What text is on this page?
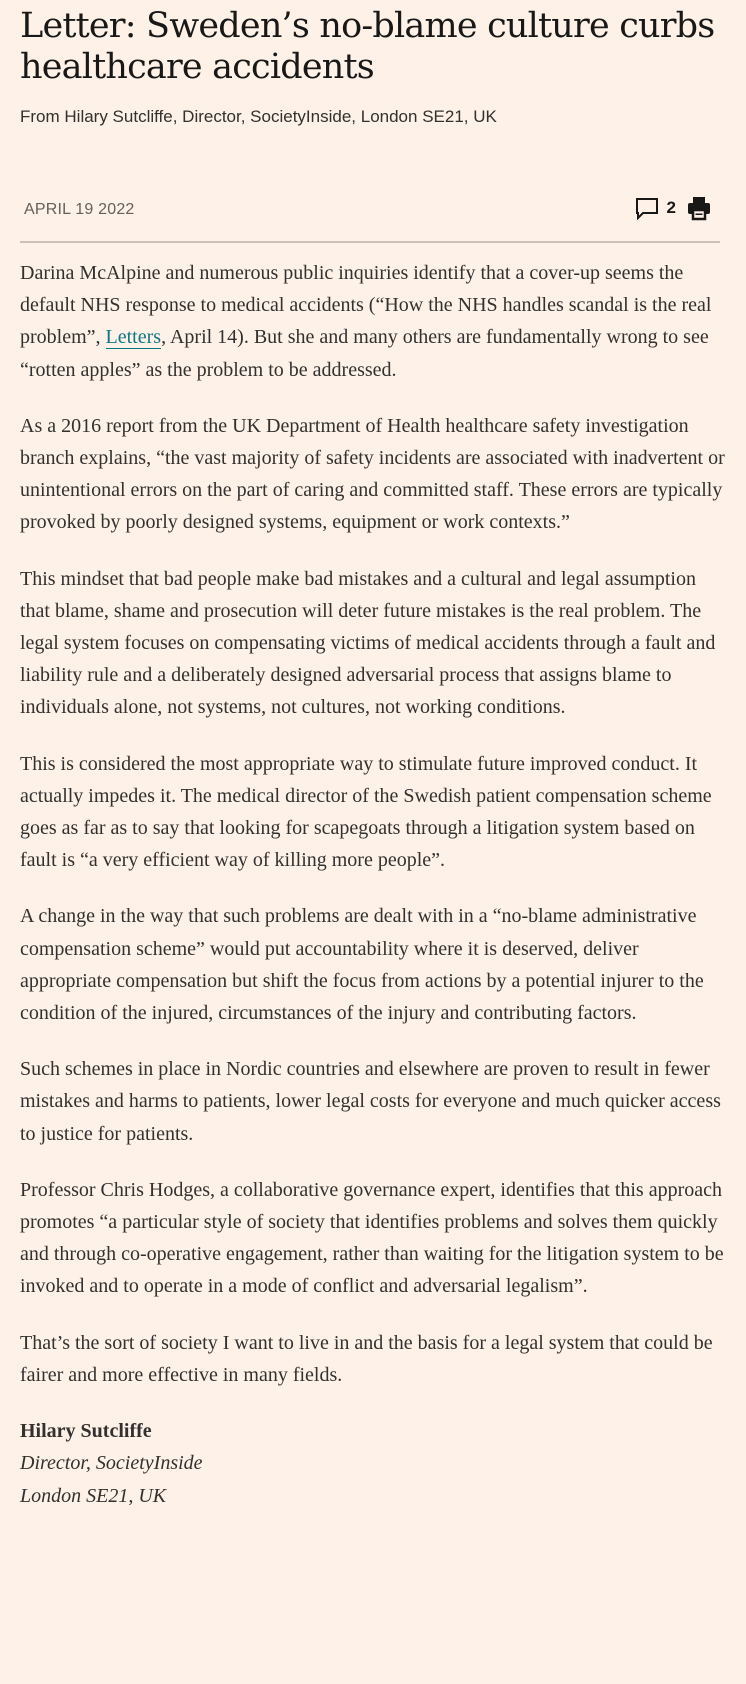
Letter: Sweden’s no-blame culture curbs healthcare accidents
From Hilary Sutcliffe, Director, SocietyInside, London SE21, UK
APRIL 19 2022	2

Darina McAlpine and numerous public inquiries identify that a cover-up seems the default NHS response to medical accidents (“How the NHS handles scandal is the real problem”, Letters, April 14). But she and many others are fundamentally wrong to see “rotten apples” as the problem to be addressed.

As a 2016 report from the UK Department of Health healthcare safety investigation branch explains, “the vast majority of safety incidents are associated with inadvertent or unintentional errors on the part of caring and committed staff. These errors are typically provoked by poorly designed systems, equipment or work contexts.”

This mindset that bad people make bad mistakes and a cultural and legal assumption that blame, shame and prosecution will deter future mistakes is the real problem. The legal system focuses on compensating victims of medical accidents through a fault and liability rule and a deliberately designed adversarial process that assigns blame to individuals alone, not systems, not cultures, not working conditions.

This is considered the most appropriate way to stimulate future improved conduct. It actually impedes it. The medical director of the Swedish patient compensation scheme goes as far as to say that looking for scapegoats through a litigation system based on fault is “a very efficient way of killing more people”.

A change in the way that such problems are dealt with in a “no-blame administrative compensation scheme” would put accountability where it is deserved, deliver appropriate compensation but shift the focus from actions by a potential injurer to the condition of the injured, circumstances of the injury and contributing factors.

Such schemes in place in Nordic countries and elsewhere are proven to result in fewer mistakes and harms to patients, lower legal costs for everyone and much quicker access to justice for patients.

Professor Chris Hodges, a collaborative governance expert, identifies that this approach promotes “a particular style of society that identifies problems and solves them quickly and through co-operative engagement, rather than waiting for the litigation system to be invoked and to operate in a mode of conflict and adversarial legalism”.

That’s the sort of society I want to live in and the basis for a legal system that could be fairer and more effective in many fields.

Hilary Sutcliffe
Director, SocietyInside
London SE21, UK
